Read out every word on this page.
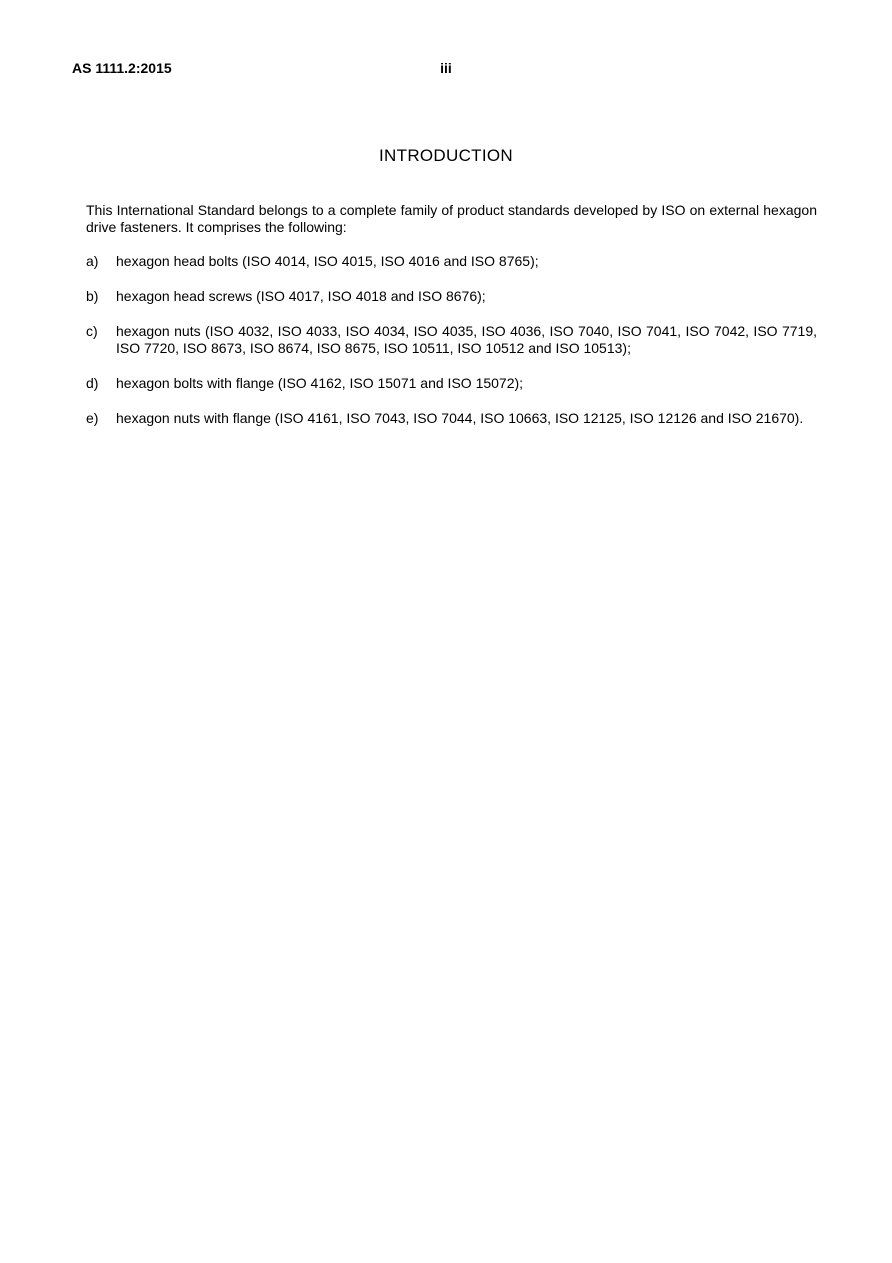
AS 1111.2:2015	iii
INTRODUCTION

This International Standard belongs to a complete family of product standards developed by ISO on external hexagon drive fasteners. It comprises the following:

a)	hexagon head bolts (ISO 4014, ISO 4015, ISO 4016 and ISO 8765);
b)	hexagon head screws (ISO 4017, ISO 4018 and ISO 8676);
c)	hexagon nuts (ISO 4032, ISO 4033, ISO 4034, ISO 4035, ISO 4036, ISO 7040, ISO 7041, ISO 7042, ISO 7719, ISO 7720, ISO 8673, ISO 8674, ISO 8675, ISO 10511, ISO 10512 and ISO 10513);
d)	hexagon bolts with flange (ISO 4162, ISO 15071 and ISO 15072);
e)	hexagon nuts with flange (ISO 4161, ISO 7043, ISO 7044, ISO 10663, ISO 12125, ISO 12126 and ISO 21670).
